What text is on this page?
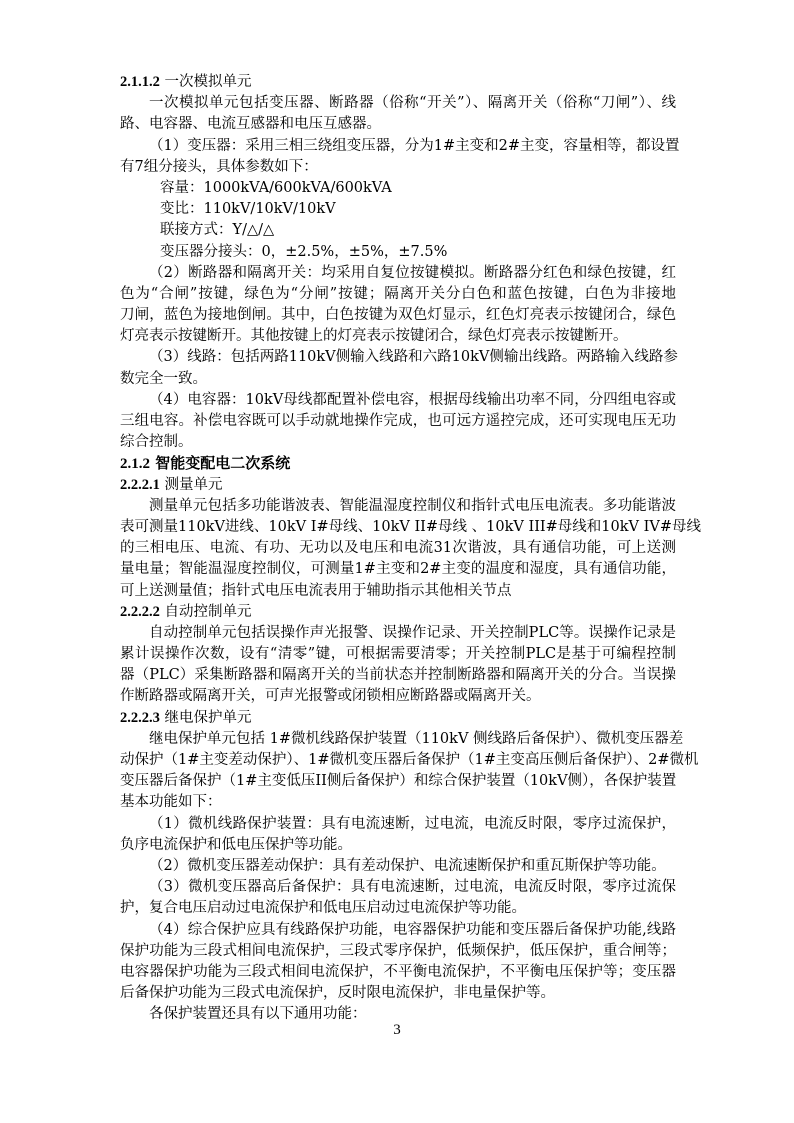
2.1.1.2 一次模拟单元
一次模拟单元包括变压器、断路器（俗称“开关”）、隔离开关（俗称“刀闸”）、线
路、电容器、电流互感器和电压互感器。
（1）变压器：采用三相三绕组变压器，分为1#主变和2#主变，容量相等，都设置
有7组分接头，具体参数如下：
容量：1000kVA/600kVA/600kVA
变比：110kV/10kV/10kV
联接方式：Y/△/△
变压器分接头：0，±2.5%，±5%，±7.5%
（2）断路器和隔离开关：均采用自复位按键模拟。断路器分红色和绿色按键，红
色为“合闸”按键，绿色为“分闸”按键；隔离开关分白色和蓝色按键，白色为非接地
刀闸，蓝色为接地倒闸。其中，白色按键为双色灯显示，红色灯亮表示按键闭合，绿色
灯亮表示按键断开。其他按键上的灯亮表示按键闭合，绿色灯亮表示按键断开。
（3）线路：包括两路110kV侧输入线路和六路10kV侧输出线路。两路输入线路参
数完全一致。
（4）电容器：10kV母线都配置补偿电容，根据母线输出功率不同，分四组电容或
三组电容。补偿电容既可以手动就地操作完成，也可远方遥控完成，还可实现电压无功
综合控制。
2.1.2 智能变配电二次系统
2.2.2.1 测量单元
测量单元包括多功能谐波表、智能温湿度控制仪和指针式电压电流表。多功能谐波
表可测量110kV进线、10kV I#母线、10kV II#母线 、10kV III#母线和10kV IV#母线
的三相电压、电流、有功、无功以及电压和电流31次谐波，具有通信功能，可上送测
量电量；智能温湿度控制仪，可测量1#主变和2#主变的温度和湿度，具有通信功能，
可上送测量值；指针式电压电流表用于辅助指示其他相关节点
2.2.2.2 自动控制单元
自动控制单元包括误操作声光报警、误操作记录、开关控制PLC等。误操作记录是
累计误操作次数，设有“清零”键，可根据需要清零；开关控制PLC是基于可编程控制
器（PLC）采集断路器和隔离开关的当前状态并控制断路器和隔离开关的分合。当误操
作断路器或隔离开关，可声光报警或闭锁相应断路器或隔离开关。
2.2.2.3 继电保护单元
继电保护单元包括 1#微机线路保护装置（110kV 侧线路后备保护）、微机变压器差
动保护（1#主变差动保护）、1#微机变压器后备保护（1#主变高压侧后备保护）、2#微机
变压器后备保护（1#主变低压II侧后备保护）和综合保护装置（10kV侧），各保护装置
基本功能如下：
（1）微机线路保护装置：具有电流速断，过电流，电流反时限，零序过流保护，
负序电流保护和低电压保护等功能。
（2）微机变压器差动保护：具有差动保护、电流速断保护和重瓦斯保护等功能。
（3）微机变压器高后备保护：具有电流速断，过电流，电流反时限，零序过流保
护，复合电压启动过电流保护和低电压启动过电流保护等功能。
（4）综合保护应具有线路保护功能，电容器保护功能和变压器后备保护功能,线路
保护功能为三段式相间电流保护，三段式零序保护，低频保护，低压保护，重合闸等；
电容器保护功能为三段式相间电流保护，不平衡电流保护，不平衡电压保护等；变压器
后备保护功能为三段式电流保护，反时限电流保护，非电量保护等。
各保护装置还具有以下通用功能：
3
